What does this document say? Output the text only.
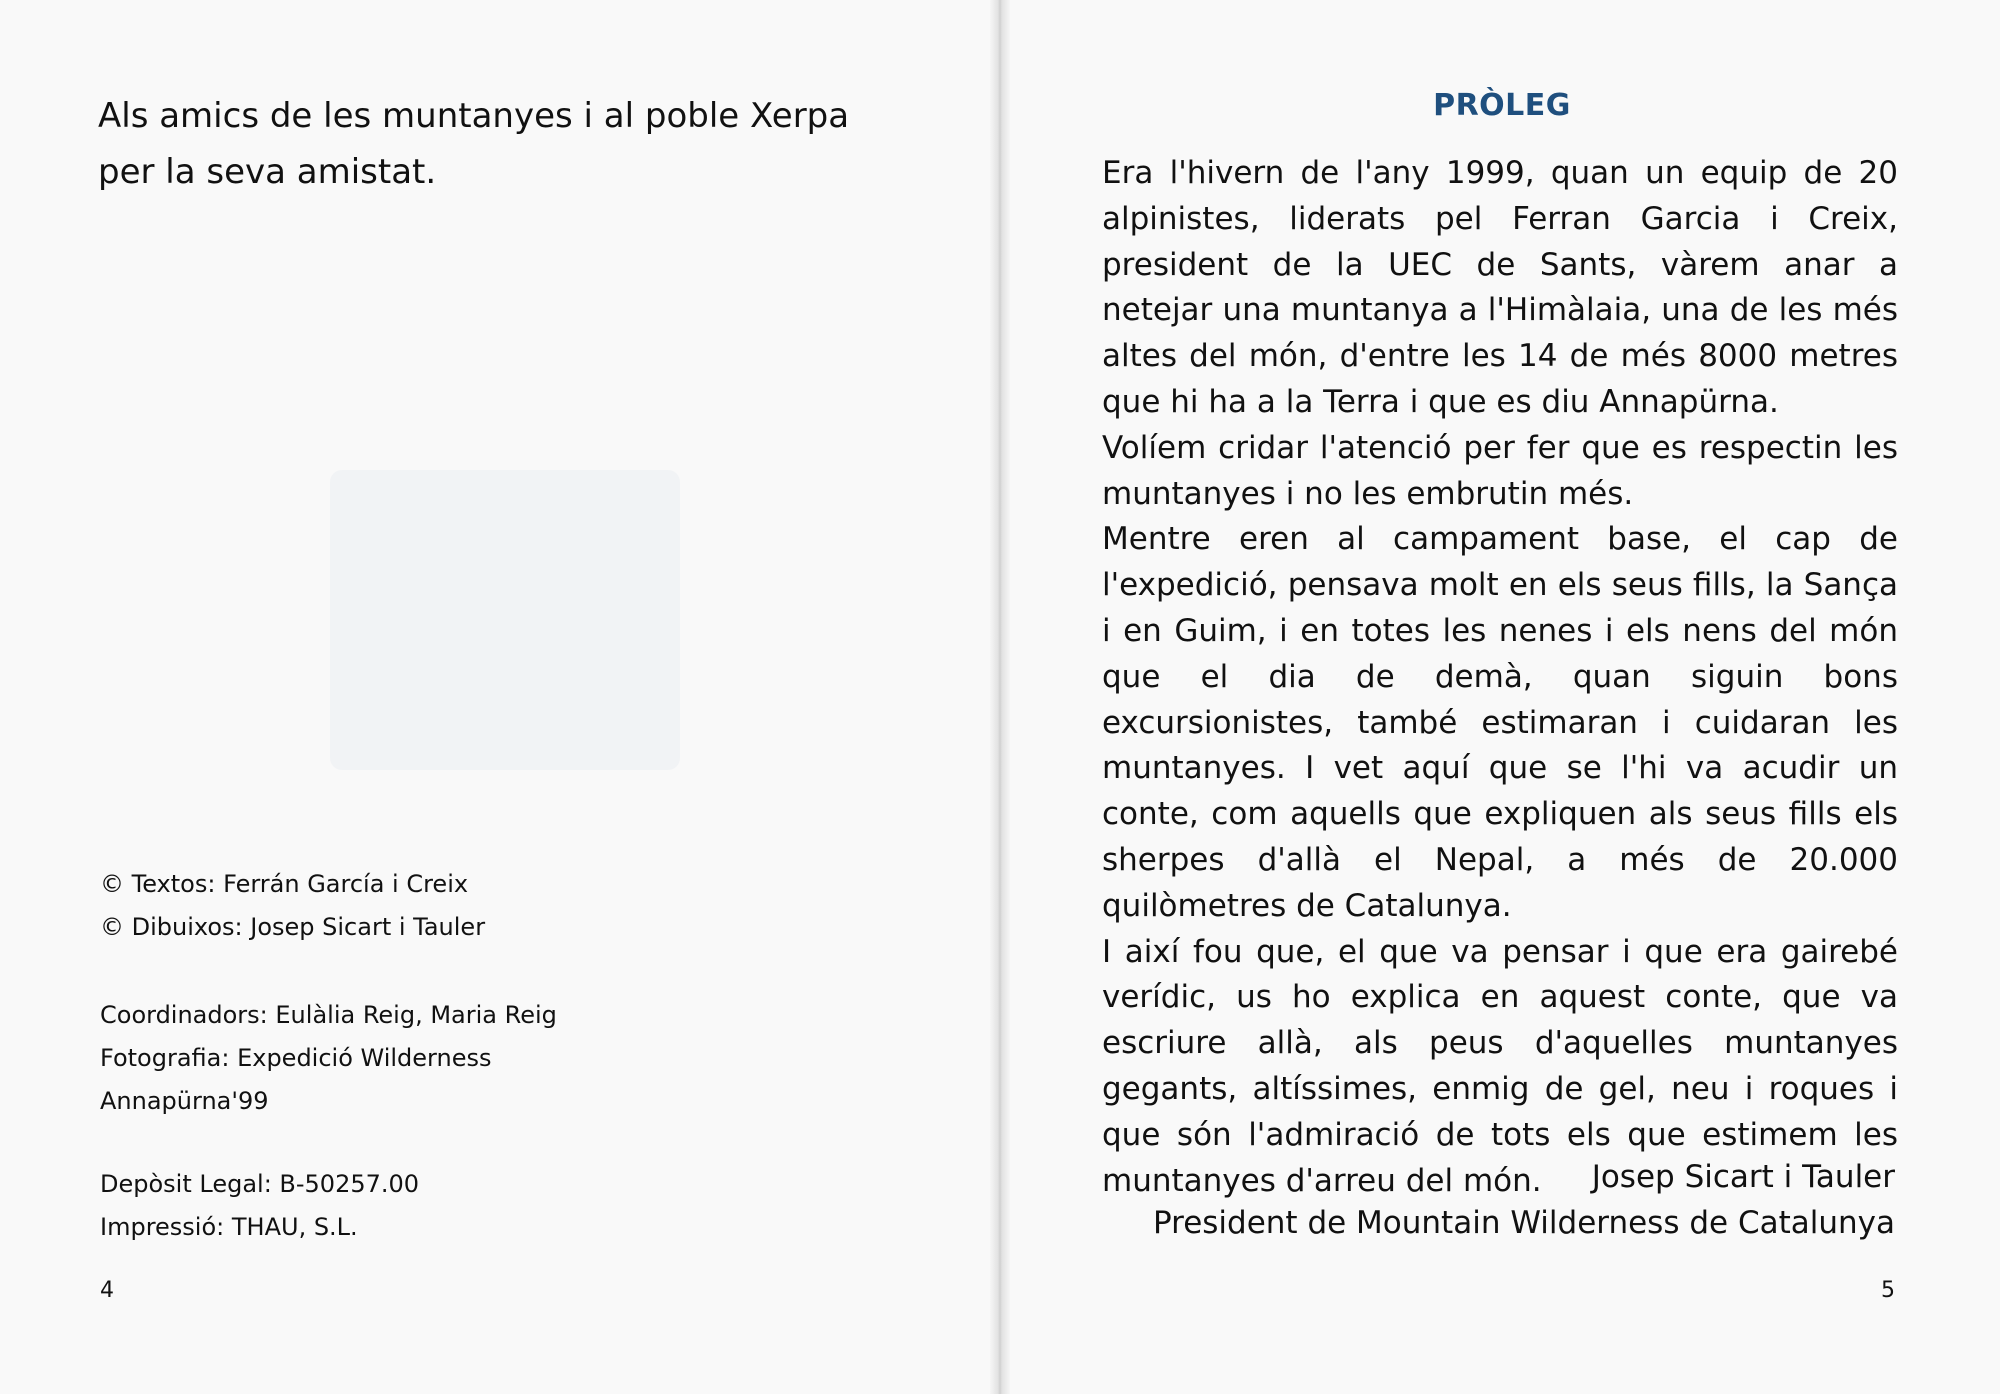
Als amics de les muntanyes i al poble Xerpa
per la seva amistat.

© Textos: Ferrán García i Creix
© Dibuixos: Josep Sicart i Tauler
Coordinadors: Eulàlia Reig, Maria Reig
Fotografia: Expedició Wilderness
Annapürna'99
Depòsit Legal: B-50257.00
Impressió: THAU, S.L.
4
PRÒLEG

Era l'hivern de l'any 1999, quan un equip de 20 alpinistes, liderats pel Ferran Garcia i Creix, president de la UEC de Sants, vàrem anar a netejar una muntanya a l'Himàlaia, una de les més altes del món, d'entre les 14 de més 8000 metres que hi ha a la Terra i que es diu Annapürna.

Volíem cridar l'atenció per fer que es respectin les muntanyes i no les embrutin més.

Mentre eren al campament base, el cap de l'expedició, pensava molt en els seus fills, la Sança i en Guim, i en totes les nenes i els nens del món que el dia de demà, quan siguin bons excursionistes, també estimaran i cuidaran les muntanyes. I vet aquí que se l'hi va acudir un conte, com aquells que expliquen als seus fills els sherpes d'allà el Nepal, a més de 20.000 quilòmetres de Catalunya.

I així fou que, el que va pensar i que era gairebé verídic, us ho explica en aquest conte, que va escriure allà, als peus d'aquelles muntanyes gegants, altíssimes, enmig de gel, neu i roques i que són l'admiració de tots els que estimem les muntanyes d'arreu del món.	Josep Sicart i Tauler
President de Mountain Wilderness de Catalunya
5
